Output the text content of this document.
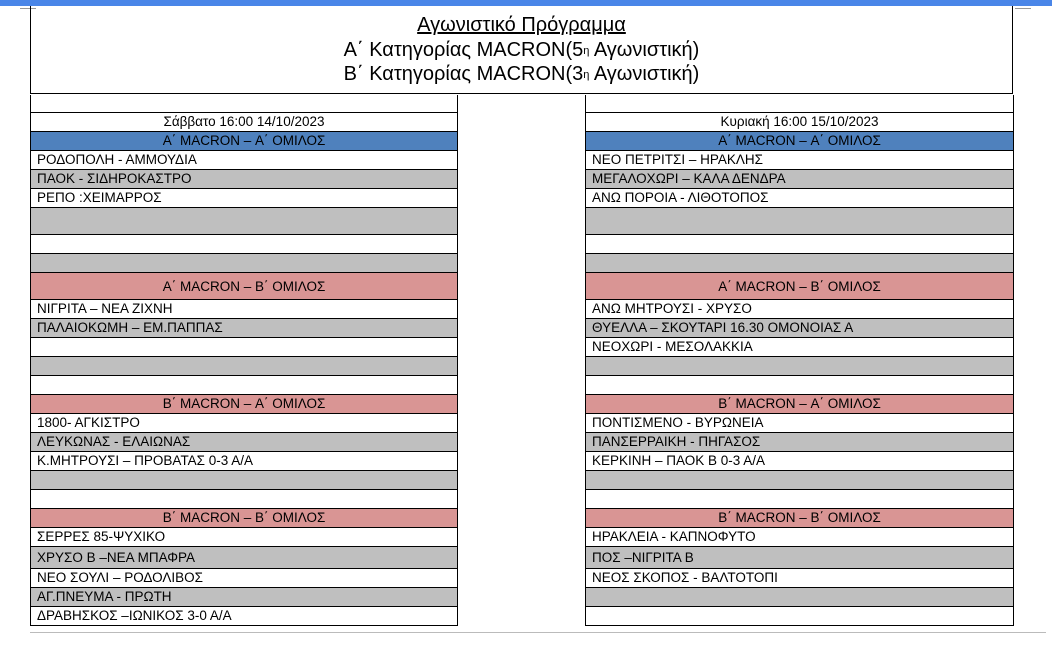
Αγωνιστικό Πρόγραμμα
Α΄ Κατηγορίας $MACRON(5^\eta$ Αγωνιστική)
Β΄ Κατηγορίας $MACRON(3^\eta$ Αγωνιστική)
Σάββατο 16:00 14/10/2023
Α΄ MACRON – Α΄ ΟΜΙΛΟΣ
ΡΟΔΟΠΟΛΗ - ΑΜΜΟΥΔΙΑ
ΠΑΟΚ - ΣΙΔΗΡΟΚΑΣΤΡΟ
ΡΕΠΟ :ΧΕΙΜΑΡΡΟΣ
Α΄ MACRON – Β΄ ΟΜΙΛΟΣ
ΝΙΓΡΙΤΑ – ΝΕΑ ΖΙΧΝΗ
ΠΑΛΑΙΟΚΩΜΗ – ΕΜ.ΠΑΠΠΑΣ
Β΄ MACRON – Α΄ ΟΜΙΛΟΣ
1800- ΑΓΚΙΣΤΡΟ
ΛΕΥΚΩΝΑΣ - ΕΛΑΙΩΝΑΣ
Κ.ΜΗΤΡΟΥΣΙ – ΠΡΟΒΑΤΑΣ 0-3 Α/Α
Β΄ MACRON – Β΄ ΟΜΙΛΟΣ
ΣΕΡΡΕΣ 85-ΨΥΧΙΚΟ
ΧΡΥΣΟ Β –ΝΕΑ ΜΠΑΦΡΑ
ΝΕΟ ΣΟΥΛΙ – ΡΟΔΟΛΙΒΟΣ
ΑΓ.ΠΝΕΥΜΑ - ΠΡΩΤΗ
ΔΡΑΒΗΣΚΟΣ –ΙΩΝΙΚΟΣ 3-0 Α/Α
Κυριακή 16:00 15/10/2023
Α΄ MACRON – Α΄ ΟΜΙΛΟΣ
ΝΕΟ ΠΕΤΡΙΤΣΙ – ΗΡΑΚΛΗΣ
ΜΕΓΑΛΟΧΩΡΙ – ΚΑΛΑ ΔΕΝΔΡΑ
ΑΝΩ ΠΟΡΟΙΑ - ΛΙΘΟΤΟΠΟΣ
Α΄ MACRON – Β΄ ΟΜΙΛΟΣ
ΑΝΩ ΜΗΤΡΟΥΣΙ - ΧΡΥΣΟ
ΘΥΕΛΛΑ – ΣΚΟΥΤΑΡΙ 16.30 ΟΜΟΝΟΙΑΣ Α
ΝΕΟΧΩΡΙ - ΜΕΣΟΛΑΚΚΙΑ
Β΄ MACRON – Α΄ ΟΜΙΛΟΣ
ΠΟΝΤΙΣΜΕΝΟ - ΒΥΡΩΝΕΙΑ
ΠΑΝΣΕΡΡΑΙΚΗ - ΠΗΓΑΣΟΣ
ΚΕΡΚΙΝΗ – ΠΑΟΚ Β 0-3 Α/Α
Β΄ MACRON – Β΄ ΟΜΙΛΟΣ
ΗΡΑΚΛΕΙΑ - ΚΑΠΝΟΦΥΤΟ
ΠΟΣ –ΝΙΓΡΙΤΑ Β
ΝΕΟΣ ΣΚΟΠΟΣ - ΒΑΛΤΟΤΟΠΙ
